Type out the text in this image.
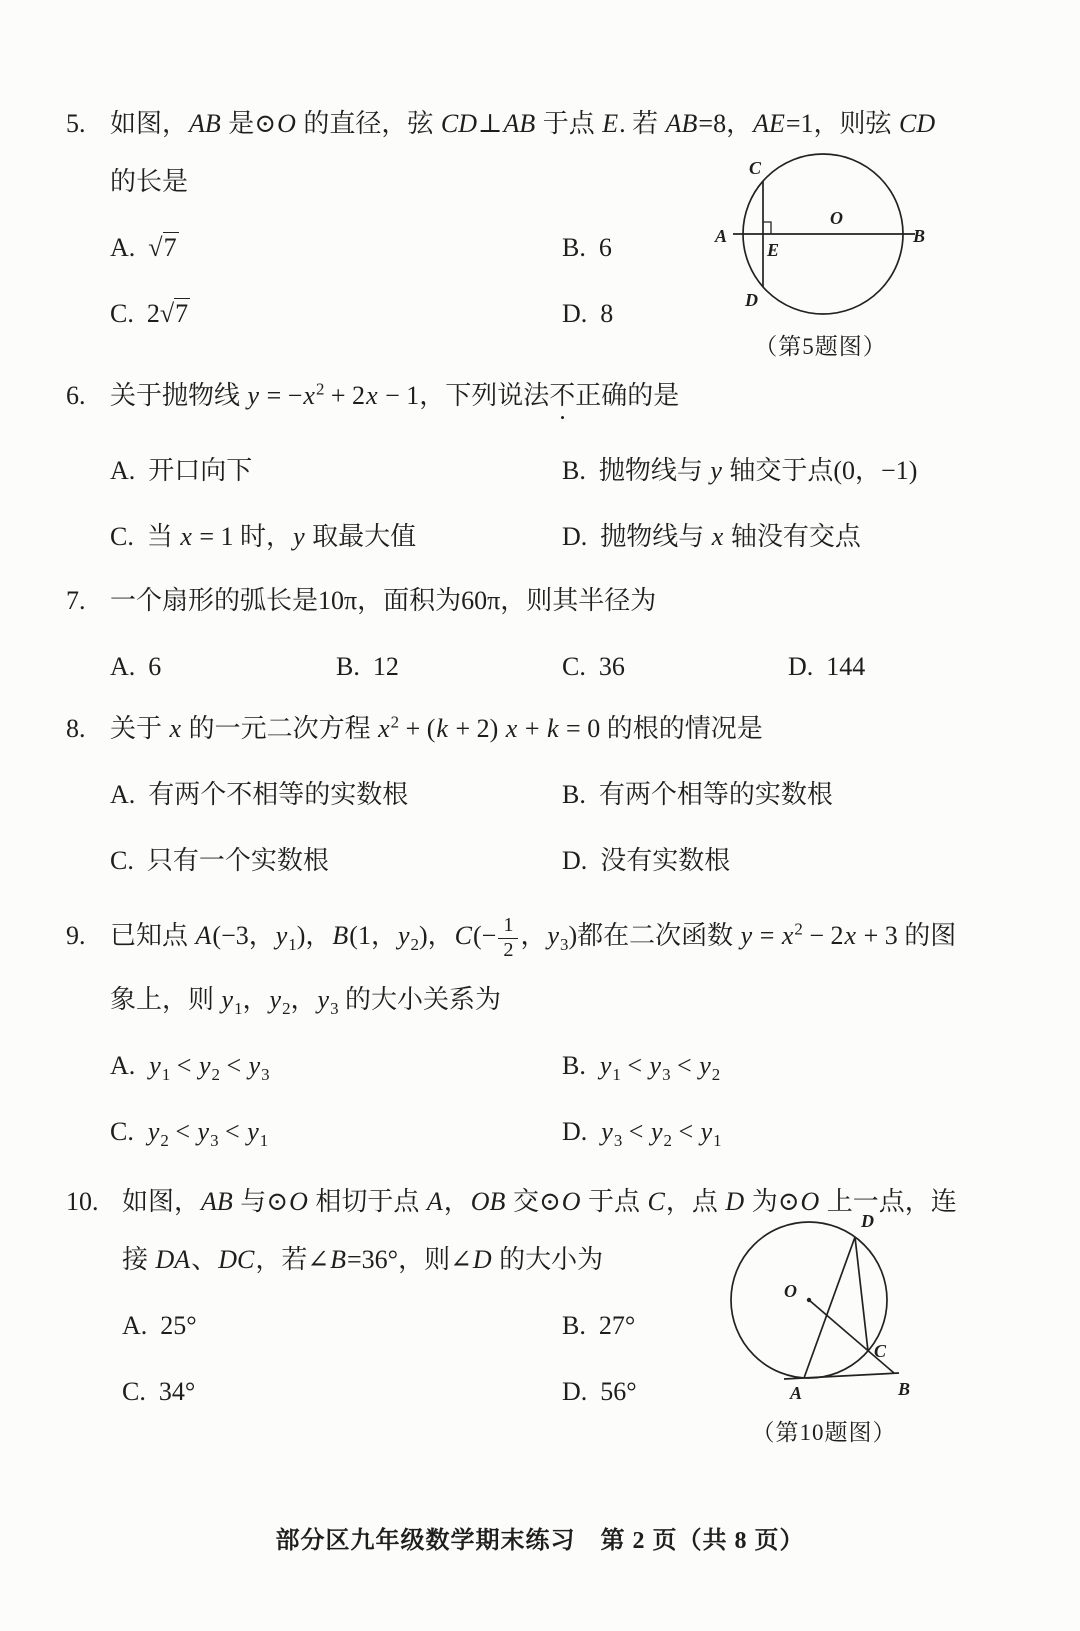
5. 如图，AB 是⊙O 的直径，弦 CD⊥AB 于点 E. 若 AB=8，AE=1，则弦 CD
的长是
A.  √7	B.  6
C.  2√7	D.  8
C
D
A	B
O
E
（第5题图）
6. 关于抛物线 $y = -x^2 + 2x - 1$，下列说法不正确的是
A.  开口向下	B.  抛物线与 y 轴交于点(0，−1)
C.  当 x = 1 时，y 取最大值	D.  抛物线与 x 轴没有交点
7. 一个扇形的弧长是10π，面积为60π，则其半径为
A.  6	B.  12	C.  36	D.  144
8. 关于 x 的一元二次方程 $x^2 + (k + 2) x + k = 0$ 的根的情况是
A.  有两个不相等的实数根	B.  有两个相等的实数根
C.  只有一个实数根	D.  没有实数根
9. 已知点 A(−3，$y_1$)，B(1，$y_2$)，$C(- \frac{1}{2}$ ，$y_3$)都在二次函数 $y = x^2 - 2x + 3$ 的图
象上，则 $y_1$，$y_2$，$y_3$ 的大小关系为
A.  $y_1 < y_2 < y_3$	B.  $y_1 < y_3 < y_2$
C.  $y_2 < y_3 < y_1$	D.  $y_3 < y_2 < y_1$
10. 如图，AB 与⊙O 相切于点 A，OB 交⊙O 于点 C，点 D 为⊙O 上一点，连
接 DA、DC，若∠B=36°，则∠D 的大小为
A.  25°	B.  27°
C.  34°	D.  56°
O
D
C
A	B
（第10题图）
部分区九年级数学期末练习　第 2 页（共 8 页）
